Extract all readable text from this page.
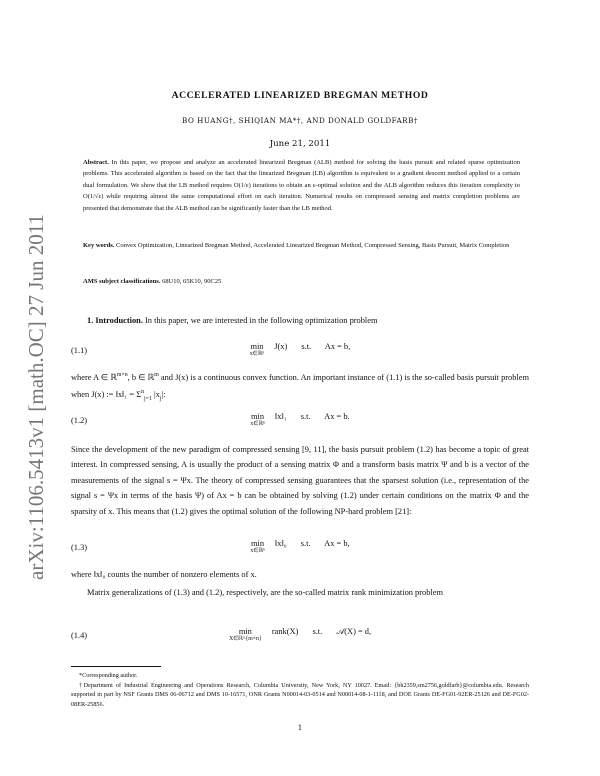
arXiv:1106.5413v1 [math.OC] 27 Jun 2011
ACCELERATED LINEARIZED BREGMAN METHOD
BO HUANG†, SHIQIAN MA*†, AND DONALD GOLDFARB†
June 21, 2011
Abstract. In this paper, we propose and analyze an accelerated linearized Bregman (ALB) method for solving the basis pursuit and related sparse optimization problems. This accelerated algorithm is based on the fact that the linearized Bregman (LB) algorithm is equivalent to a gradient descent method applied to a certain dual formulation. We show that the LB method requires O(1/ε) iterations to obtain an ε-optimal solution and the ALB algorithm reduces this iteration complexity to O(1/√ε) while requiring almost the same computational effort on each iteration. Numerical results on compressed sensing and matrix completion problems are presented that demonstrate that the ALB method can be significantly faster than the LB method.
Key words. Convex Optimization, Linearized Bregman Method, Accelerated Linearized Bregman Method, Compressed Sensing, Basis Pursuit, Matrix Completion
AMS subject classifications. 68U10, 65K10, 90C25
1. Introduction. In this paper, we are interested in the following optimization problem
(1.1)	min
x∈ℝⁿ
J(x) s.t. Ax = b,
where A ∈ ℝ$^{m\times n}$, b ∈ ℝ$^m$ and J(x) is a continuous convex function. An important instance of (1.1) is the so-called basis pursuit problem when J(x) := ‖x‖₁ = $\Sigma^n_{j=1}$ $|x_j|$:
(1.2)	min
x∈ℝⁿ
‖x‖₁ s.t. Ax = b.
Since the development of the new paradigm of compressed sensing [9, 11], the basis pursuit problem (1.2) has become a topic of great interest. In compressed sensing, A is usually the product of a sensing matrix Φ and a transform basis matrix Ψ and b is a vector of the measurements of the signal s = Ψx. The theory of compressed sensing guarantees that the sparsest solution (i.e., representation of the signal s = Ψx in terms of the basis Ψ) of Ax = b can be obtained by solving (1.2) under certain conditions on the matrix Φ and the sparsity of x. This means that (1.2) gives the optimal solution of the following NP-hard problem [21]:
(1.3)	min
x∈ℝⁿ
‖x‖₀ s.t. Ax = b,
where ‖x‖₀ counts the number of nonzero elements of x.
Matrix generalizations of (1.3) and (1.2), respectively, are the so-called matrix rank minimization problem
(1.4)	min
X∈ℝ^{m×n}
rank(X) s.t. 𝒜(X) = d,
*Corresponding author.
†Department of Industrial Engineering and Operations Research, Columbia University, New York, NY 10027. Email: {bh2359,sm2756,goldfarb}@columbia.edu. Research supported in part by NSF Grants DMS 06-06712 and DMS 10-16571, ONR Grants N00014-03-0514 and N00014-08-1-1118, and DOE Grants DE-FG01-92ER-25126 and DE-FG02-08ER-25856.
1
